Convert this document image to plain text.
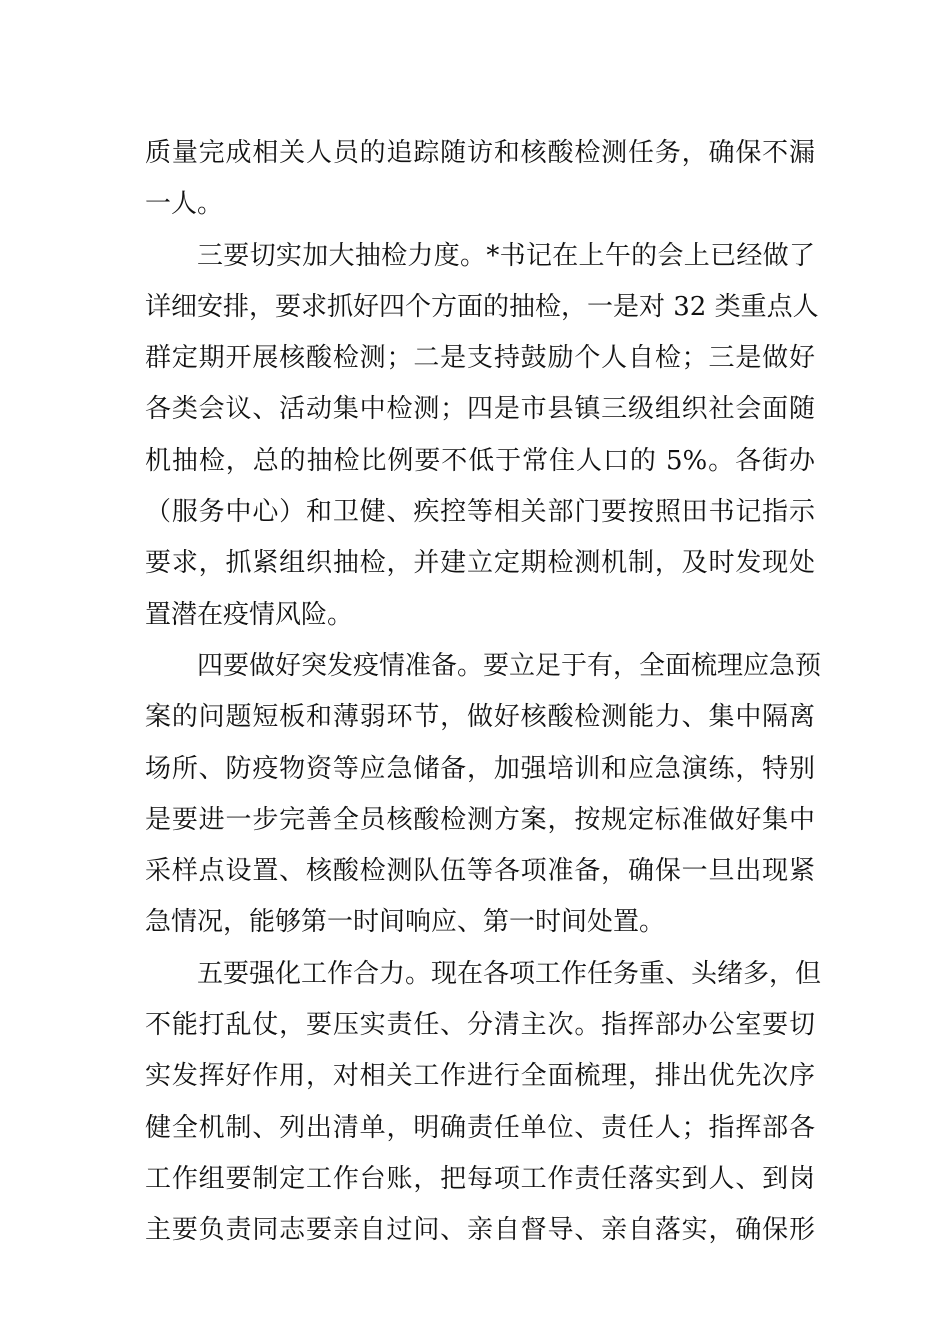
质量完成相关人员的追踪随访和核酸检测任务，确保不漏
一人。
三要切实加大抽检力度。*书记在上午的会上已经做了
详细安排，要求抓好四个方面的抽检，一是对 32 类重点人
群定期开展核酸检测；二是支持鼓励个人自检；三是做好
各类会议、活动集中检测；四是市县镇三级组织社会面随
机抽检，总的抽检比例要不低于常住人口的 5%。各街办
（服务中心）和卫健、疾控等相关部门要按照田书记指示
要求，抓紧组织抽检，并建立定期检测机制，及时发现处
置潜在疫情风险。
四要做好突发疫情准备。要立足于有，全面梳理应急预
案的问题短板和薄弱环节，做好核酸检测能力、集中隔离
场所、防疫物资等应急储备，加强培训和应急演练，特别
是要进一步完善全员核酸检测方案，按规定标准做好集中
采样点设置、核酸检测队伍等各项准备，确保一旦出现紧
急情况，能够第一时间响应、第一时间处置。
五要强化工作合力。现在各项工作任务重、头绪多，但
不能打乱仗，要压实责任、分清主次。指挥部办公室要切
实发挥好作用，对相关工作进行全面梳理，排出优先次序
健全机制、列出清单，明确责任单位、责任人；指挥部各
工作组要制定工作台账，把每项工作责任落实到人、到岗
主要负责同志要亲自过问、亲自督导、亲自落实，确保形
